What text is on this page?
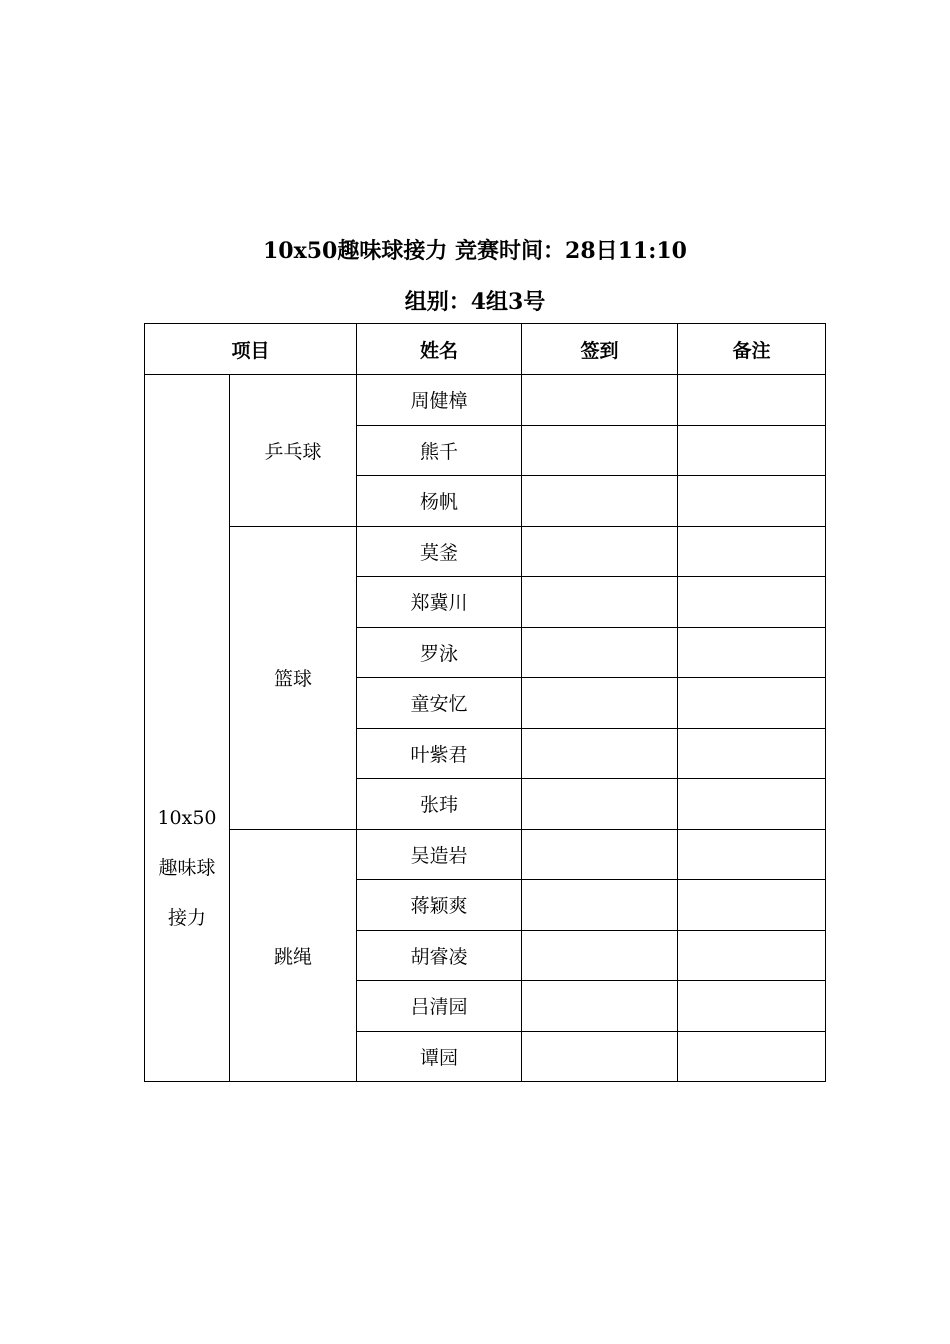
10x50趣味球接力 竞赛时间：28日11:10
组别：4组3号
项目		姓名	签到	备注

10x50
趣味球
接力	乒乓球	周健樟		
		熊千		
		杨帆		
	篮球	莫釜		
		郑冀川		
		罗泳		
		童安忆		
		叶紫君		
		张玮		
	跳绳	吴造岩		
		蒋颖爽		
		胡睿凌		
		吕清园		
		谭园		
